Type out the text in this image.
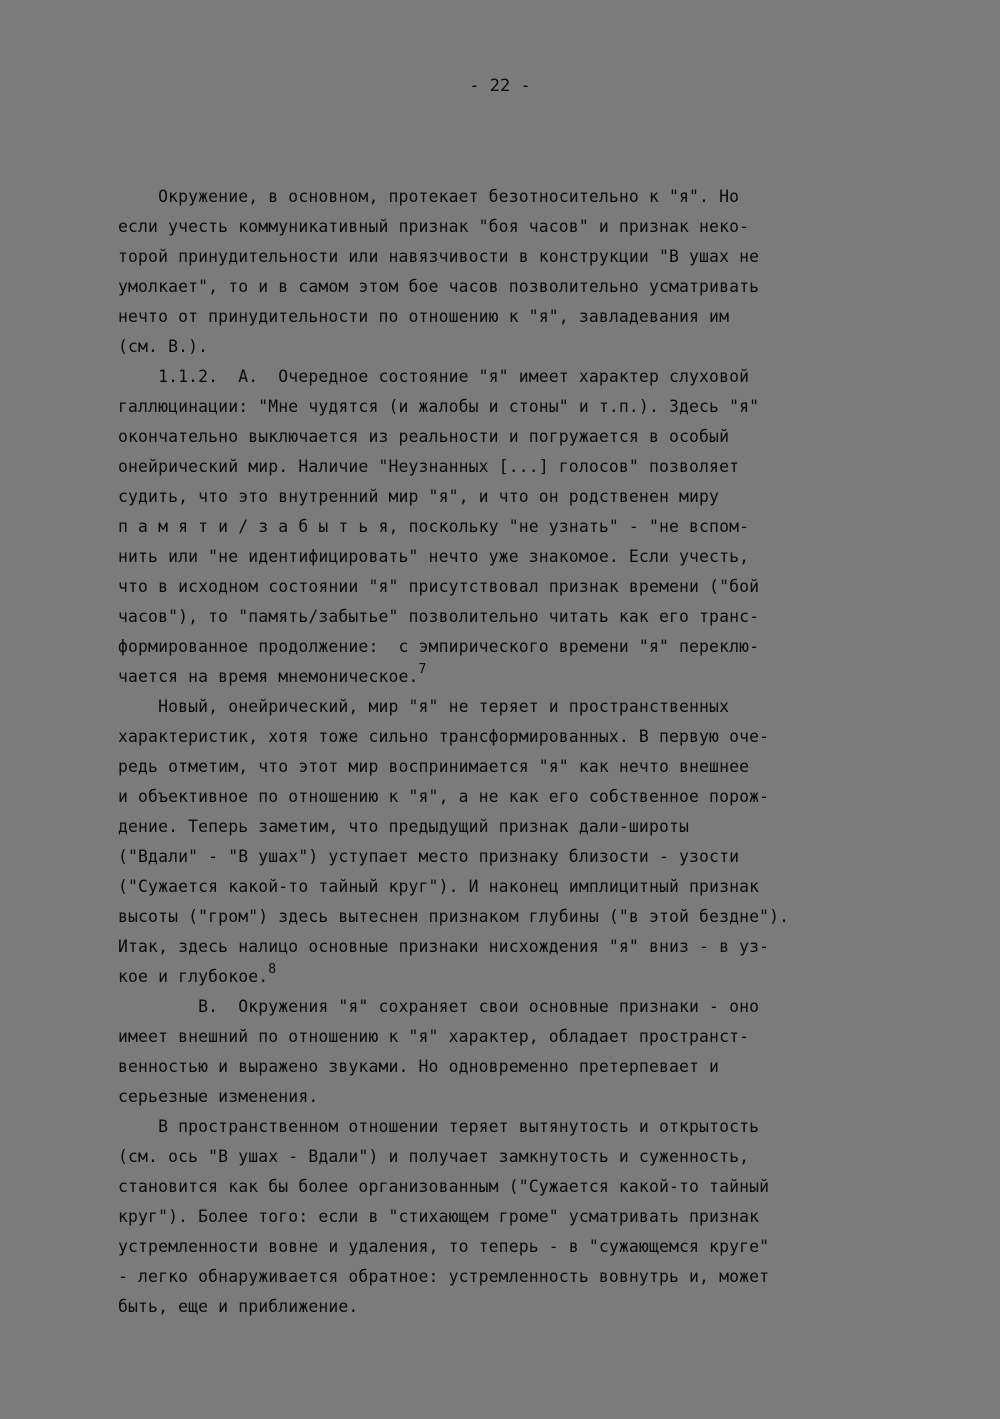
- 22 -
Окружение, в основном, протекает безотносительно к "я". Но
если учесть коммуникативный признак "боя часов" и признак неко-
торой принудительности или навязчивости в конструкции "В ушах не
умолкает", то и в самом этом бое часов позволительно усматривать
нечто от принудительности по отношению к "я", завладевания им
(см. В.).
1.1.2.  А.  Очередное состояние "я" имеет характер слуховой
галлюцинации: "Мне чудятся (и жалобы и стоны" и т.п.). Здесь "я"
окончательно выключается из реальности и погружается в особый
онейрический мир. Наличие "Неузнанных [...] голосов" позволяет
судить, что это внутренний мир "я", и что он родственен миру
п а м я т и / з а б ы т ь я, поскольку "не узнать" - "не вспом-
нить или "не идентифицировать" нечто уже знакомое. Если учесть,
что в исходном состоянии "я" присутствовал признак времени ("бой
часов"), то "память/забытье" позволительно читать как его транс-
формированное продолжение:  с эмпирического времени "я" переклю-
чается на время мнемоническое.$^7$
Новый, онейрический, мир "я" не теряет и пространственных
характеристик, хотя тоже сильно трансформированных. В первую оче-
редь отметим, что этот мир воспринимается "я" как нечто внешнее
и объективное по отношению к "я", а не как его собственное порож-
дение. Теперь заметим, что предыдущий признак дали-широты
("Вдали" - "В ушах") уступает место признаку близости - узости
("Сужается какой-то тайный круг"). И наконец имплицитный признак
высоты ("гром") здесь вытеснен признаком глубины ("в этой бездне").
Итак, здесь налицо основные признаки нисхождения "я" вниз - в уз-
кое и глубокое.$^8$
В.  Окружения "я" сохраняет свои основные признаки - оно
имеет внешний по отношению к "я" характер, обладает пространст-
венностью и выражено звуками. Но одновременно претерпевает и
серьезные изменения.
В пространственном отношении теряет вытянутость и открытость
(см. ось "В ушах - Вдали") и получает замкнутость и суженность,
становится как бы более организованным ("Сужается какой-то тайный
круг"). Более того: если в "стихающем громе" усматривать признак
устремленности вовне и удаления, то теперь - в "сужающемся круге"
- легко обнаруживается обратное: устремленность вовнутрь и, может
быть, еще и приближение.
